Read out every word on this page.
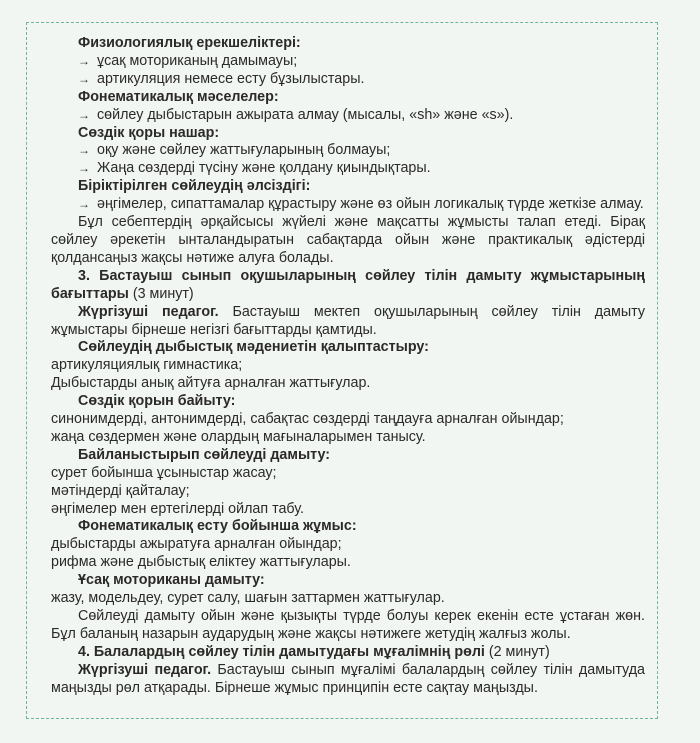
Физиологиялық ерекшеліктері:
→ ұсақ моториканың дамымауы;
→ артикуляция немесе есту бұзылыстары.
Фонематикалық мәселелер:
→ сөйлеу дыбыстарын ажырата алмау (мысалы, «sh» және «s»).
Сөздік қоры нашар:
→ оқу және сөйлеу жаттығуларының болмауы;
→ Жаңа сөздерді түсіну және қолдану қиындықтары.
Біріктірілген сөйлеудің әлсіздігі:
→ әңгімелер, сипаттамалар құрастыру және өз ойын логикалық түрде жеткізе алмау.

Бұл себептердің әрқайсысы жүйелі және мақсатты жұмысты талап етеді. Бірақ сөйлеу әрекетін ынталандыратын сабақтарда ойын және практикалық әдістерді қолдансаңыз жақсы нәтиже алуға болады.

3. Бастауыш сынып оқушыларының сөйлеу тілін дамыту жұмыстарының бағыттары (3 минут)

Жүргізуші педагог. Бастауыш мектеп оқушыларының сөйлеу тілін дамыту жұмыстары бірнеше негізгі бағыттарды қамтиды.

Сөйлеудің дыбыстық мәдениетін қалыптастыру:
артикуляциялық гимнастика;
Дыбыстарды анық айтуға арналған жаттығулар.
Сөздік қорын байыту:
синонимдерді, антонимдерді, сабақтас сөздерді таңдауға арналған ойындар;
жаңа сөздермен және олардың мағыналарымен танысу.
Байланыстырып сөйлеуді дамыту:
сурет бойынша ұсыныстар жасау;
мәтіндерді қайталау;
әңгімелер мен ертегілерді ойлап табу.
Фонематикалық есту бойынша жұмыс:
дыбыстарды ажыратуға арналған ойындар;
рифма және дыбыстық еліктеу жаттығулары.
Ұсақ моториканы дамыту:
жазу, модельдеу, сурет салу, шағын заттармен жаттығулар.

Сөйлеуді дамыту ойын және қызықты түрде болуы керек екенін есте ұстаған жөн. Бұл баланың назарын аударудың және жақсы нәтижеге жетудің жалғыз жолы.

4. Балалардың сөйлеу тілін дамытудағы мұғалімнің рөлі (2 минут)

Жүргізуші педагог. Бастауыш сынып мұғалімі балалардың сөйлеу тілін дамытуда маңызды рөл атқарады. Бірнеше жұмыс принципін есте сақтау маңызды.
